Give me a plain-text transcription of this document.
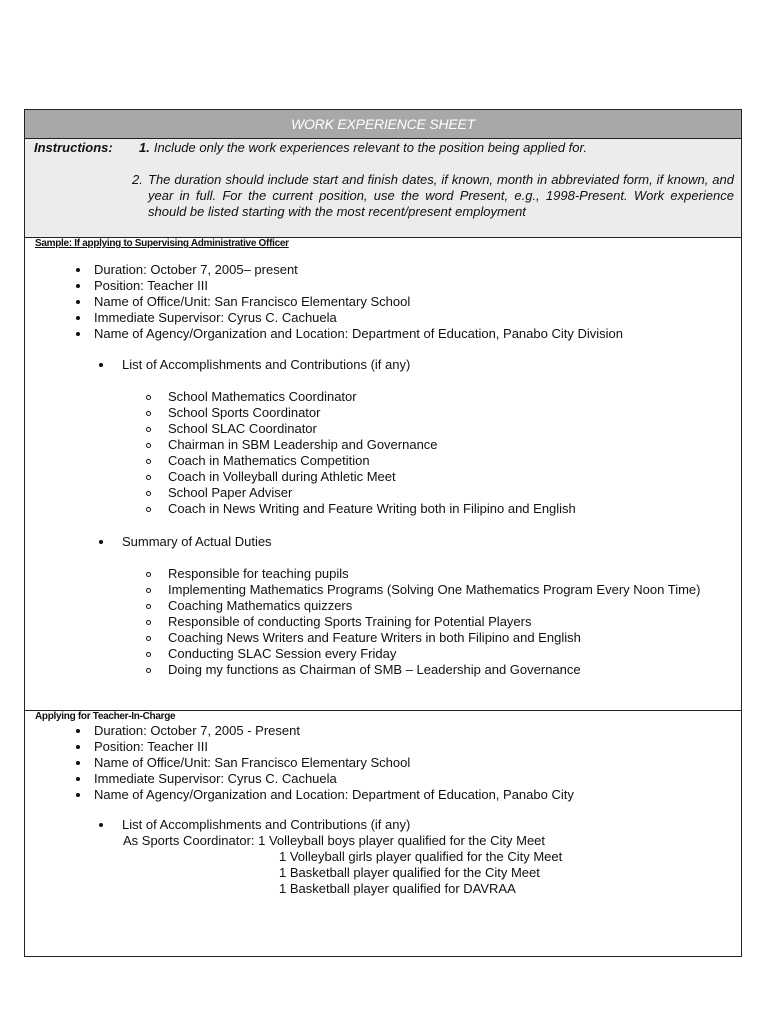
WORK EXPERIENCE SHEET
Instructions: 1. Include only the work experiences relevant to the position being applied for.
2. The duration should include start and finish dates, if known, month in abbreviated form, if known, and year in full. For the current position, use the word Present, e.g., 1998-Present. Work experience should be listed starting with the most recent/present employment
Sample: If applying to Supervising Administrative Officer
Duration: October 7, 2005– present
Position: Teacher III
Name of Office/Unit: San Francisco Elementary School
Immediate Supervisor: Cyrus C. Cachuela
Name of Agency/Organization and Location: Department of Education, Panabo City Division
List of Accomplishments and Contributions (if any)
School Mathematics Coordinator
School Sports Coordinator
School SLAC Coordinator
Chairman in SBM Leadership and Governance
Coach in Mathematics Competition
Coach in Volleyball during Athletic Meet
School Paper Adviser
Coach in News Writing and Feature Writing both in Filipino and English
Summary of Actual Duties
Responsible for teaching pupils
Implementing Mathematics Programs (Solving One Mathematics Program Every Noon Time)
Coaching Mathematics quizzers
Responsible of conducting Sports Training for Potential Players
Coaching News Writers and Feature Writers in both Filipino and English
Conducting SLAC Session every Friday
Doing my functions as Chairman of SMB – Leadership and Governance
Applying for Teacher-In-Charge
Duration: October 7, 2005 - Present
Position: Teacher III
Name of Office/Unit: San Francisco Elementary School
Immediate Supervisor: Cyrus C. Cachuela
Name of Agency/Organization and Location: Department of Education, Panabo City
List of Accomplishments and Contributions (if any)
As Sports Coordinator: 1 Volleyball boys player qualified for the City Meet
1 Volleyball girls player qualified for the City Meet
1 Basketball player qualified for the City Meet
1 Basketball player qualified for DAVRAA
